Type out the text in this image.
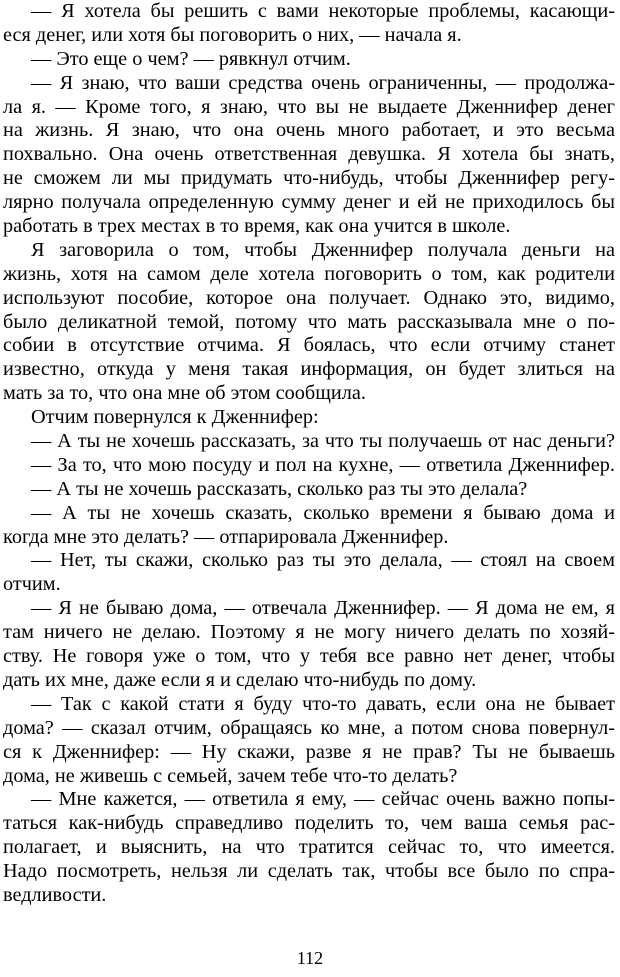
— Я хотела бы решить с вами некоторые проблемы, касающи-
еся денег, или хотя бы поговорить о них, — начала я.
— Это еще о чем? — рявкнул отчим.
— Я знаю, что ваши средства очень ограниченны, — продолжа-
ла я. — Кроме того, я знаю, что вы не выдаете Дженнифер денег
на жизнь. Я знаю, что она очень много работает, и это весьма
похвально. Она очень ответственная девушка. Я хотела бы знать,
не сможем ли мы придумать что-нибудь, чтобы Дженнифер регу-
лярно получала определенную сумму денег и ей не приходилось бы
работать в трех местах в то время, как она учится в школе.
Я заговорила о том, чтобы Дженнифер получала деньги на
жизнь, хотя на самом деле хотела поговорить о том, как родители
используют пособие, которое она получает. Однако это, видимо,
было деликатной темой, потому что мать рассказывала мне о по-
собии в отсутствие отчима. Я боялась, что если отчиму станет
известно, откуда у меня такая информация, он будет злиться на
мать за то, что она мне об этом сообщила.
Отчим повернулся к Дженнифер:
— А ты не хочешь рассказать, за что ты получаешь от нас деньги?
— За то, что мою посуду и пол на кухне, — ответила Дженнифер.
— А ты не хочешь рассказать, сколько раз ты это делала?
— А ты не хочешь сказать, сколько времени я бываю дома и
когда мне это делать? — отпарировала Дженнифер.
— Нет, ты скажи, сколько раз ты это делала, — стоял на своем
отчим.
— Я не бываю дома, — отвечала Дженнифер. — Я дома не ем, я
там ничего не делаю. Поэтому я не могу ничего делать по хозяй-
ству. Не говоря уже о том, что у тебя все равно нет денег, чтобы
дать их мне, даже если я и сделаю что-нибудь по дому.
— Так с какой стати я буду что-то давать, если она не бывает
дома? — сказал отчим, обращаясь ко мне, а потом снова повернул-
ся к Дженнифер: — Ну скажи, разве я не прав? Ты не бываешь
дома, не живешь с семьей, зачем тебе что-то делать?
— Мне кажется, — ответила я ему, — сейчас очень важно попы-
таться как-нибудь справедливо поделить то, чем ваша семья рас-
полагает, и выяснить, на что тратится сейчас то, что имеется.
Надо посмотреть, нельзя ли сделать так, чтобы все было по спра-
ведливости.
112
